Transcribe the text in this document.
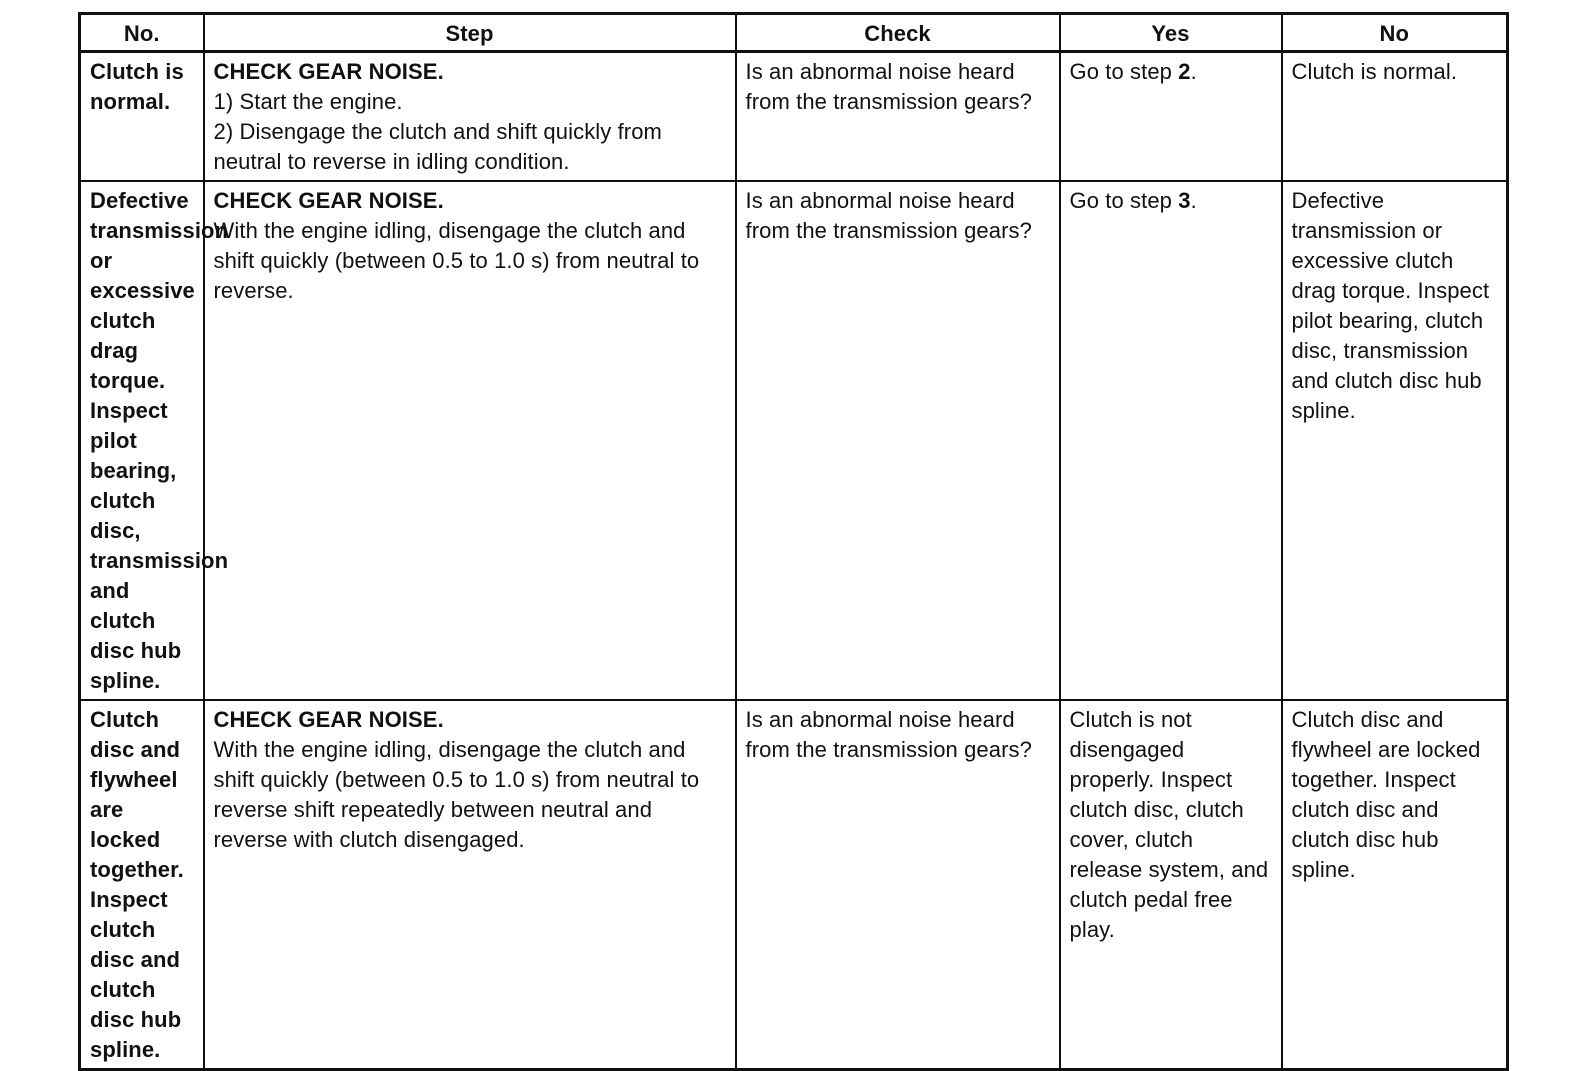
No.	Step	Check	Yes	No
Clutch is normal.	CHECK GEAR NOISE.
1) Start the engine.
2) Disengage the clutch and shift quickly from neutral to reverse in idling condition.	Is an abnormal noise heard from the transmission gears?	Go to step 2.	Clutch is normal.
Defective transmission or excessive clutch drag torque. Inspect pilot bearing, clutch disc, transmission and clutch disc hub spline.	CHECK GEAR NOISE.
With the engine idling, disengage the clutch and shift quickly (between 0.5 to 1.0 s) from neutral to reverse.	Is an abnormal noise heard from the transmission gears?	Go to step 3.	Defective transmission or excessive clutch drag torque. Inspect pilot bearing, clutch disc, transmission and clutch disc hub spline.
Clutch disc and flywheel are locked together. Inspect clutch disc and clutch disc hub spline.	CHECK GEAR NOISE.
With the engine idling, disengage the clutch and shift quickly (between 0.5 to 1.0 s) from neutral to reverse shift repeatedly between neutral and reverse with clutch disengaged.	Is an abnormal noise heard from the transmission gears?	Clutch is not disengaged properly. Inspect clutch disc, clutch cover, clutch release system, and clutch pedal free play.	Clutch disc and flywheel are locked together. Inspect clutch disc and clutch disc hub spline.
